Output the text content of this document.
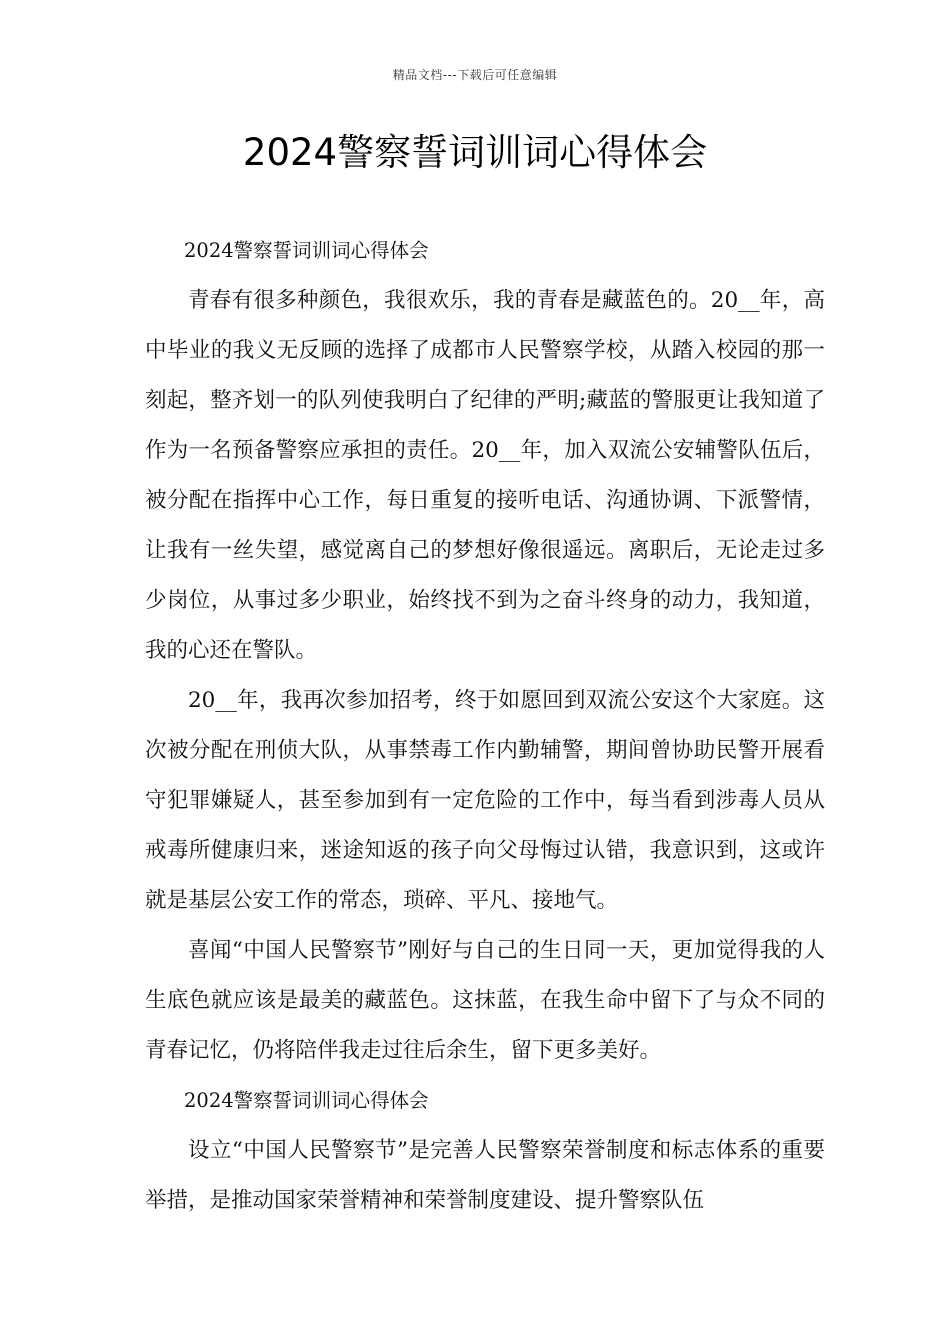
精品文档---下载后可任意编辑
2024警察誓词训词心得体会

2024警察誓词训词心得体会

青春有很多种颜色，我很欢乐，我的青春是藏蓝色的。20__年，高中毕业的我义无反顾的选择了成都市人民警察学校，从踏入校园的那一刻起，整齐划一的队列使我明白了纪律的严明;藏蓝的警服更让我知道了作为一名预备警察应承担的责任。20__年，加入双流公安辅警队伍后，被分配在指挥中心工作，每日重复的接听电话、沟通协调、下派警情，让我有一丝失望，感觉离自己的梦想好像很遥远。离职后，无论走过多少岗位，从事过多少职业，始终找不到为之奋斗终身的动力，我知道，我的心还在警队。

20__年，我再次参加招考，终于如愿回到双流公安这个大家庭。这次被分配在刑侦大队，从事禁毒工作内勤辅警，期间曾协助民警开展看守犯罪嫌疑人，甚至参加到有一定危险的工作中，每当看到涉毒人员从戒毒所健康归来，迷途知返的孩子向父母悔过认错，我意识到，这或许就是基层公安工作的常态，琐碎、平凡、接地气。

喜闻“中国人民警察节”刚好与自己的生日同一天，更加觉得我的人生底色就应该是最美的藏蓝色。这抹蓝，在我生命中留下了与众不同的青春记忆，仍将陪伴我走过往后余生，留下更多美好。

2024警察誓词训词心得体会

设立“中国人民警察节”是完善人民警察荣誉制度和标志体系的重要举措，是推动国家荣誉精神和荣誉制度建设、提升警察队伍
